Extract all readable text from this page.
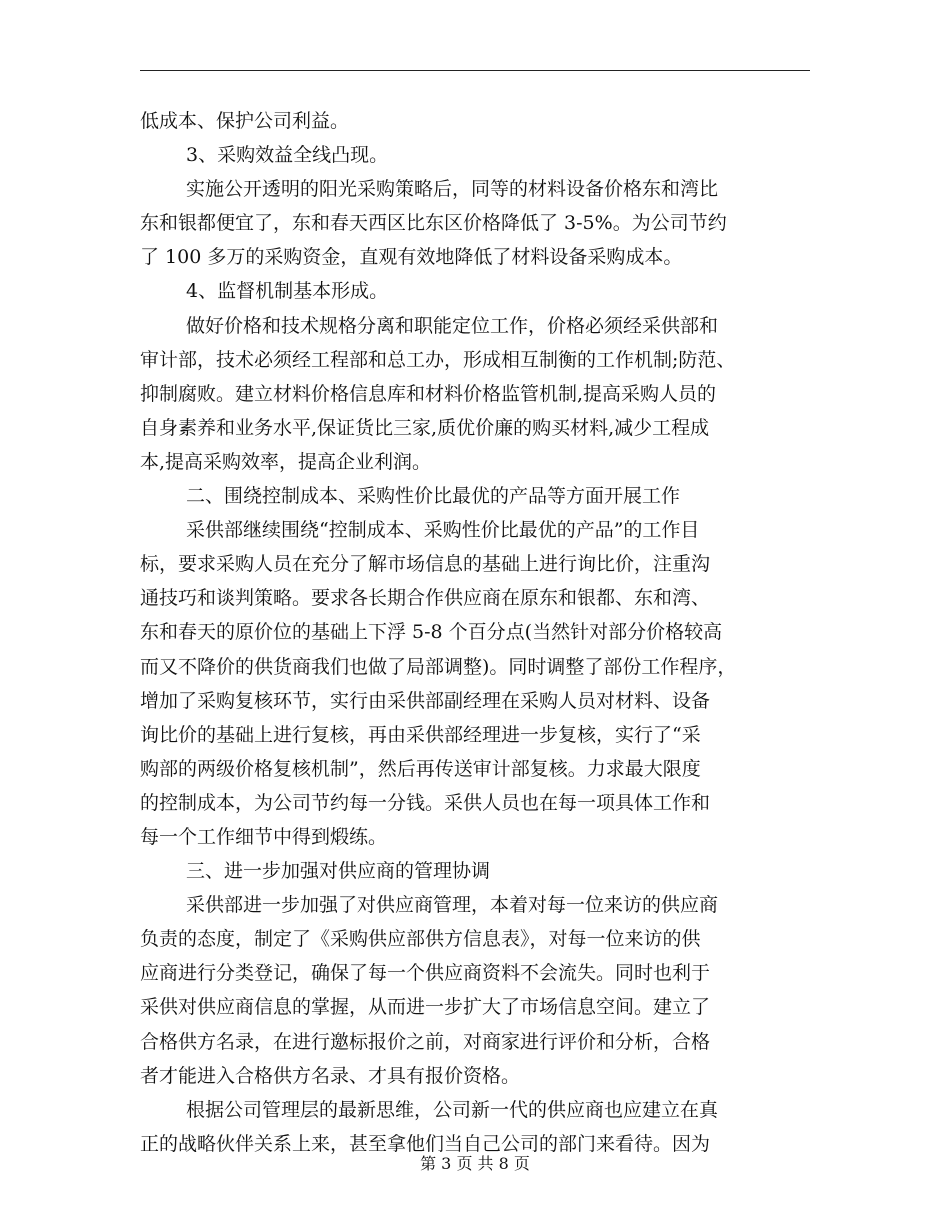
低成本、保护公司利益。
3、采购效益全线凸现。
实施公开透明的阳光采购策略后，同等的材料设备价格东和湾比
东和银都便宜了，东和春天西区比东区价格降低了 3-5%。为公司节约
了 100 多万的采购资金，直观有效地降低了材料设备采购成本。
4、监督机制基本形成。
做好价格和技术规格分离和职能定位工作，价格必须经采供部和
审计部，技术必须经工程部和总工办，形成相互制衡的工作机制;防范、
抑制腐败。建立材料价格信息库和材料价格监管机制,提高采购人员的
自身素养和业务水平,保证货比三家,质优价廉的购买材料,减少工程成
本,提高采购效率，提高企业利润。
二、围绕控制成本、采购性价比最优的产品等方面开展工作
采供部继续围绕“控制成本、采购性价比最优的产品”的工作目
标，要求采购人员在充分了解市场信息的基础上进行询比价，注重沟
通技巧和谈判策略。要求各长期合作供应商在原东和银都、东和湾、
东和春天的原价位的基础上下浮 5-8 个百分点(当然针对部分价格较高
而又不降价的供货商我们也做了局部调整)。同时调整了部份工作程序，
增加了采购复核环节，实行由采供部副经理在采购人员对材料、设备
询比价的基础上进行复核，再由采供部经理进一步复核，实行了“采
购部的两级价格复核机制”，然后再传送审计部复核。力求最大限度
的控制成本，为公司节约每一分钱。采供人员也在每一项具体工作和
每一个工作细节中得到煅练。
三、进一步加强对供应商的管理协调
采供部进一步加强了对供应商管理，本着对每一位来访的供应商
负责的态度，制定了《采购供应部供方信息表》，对每一位来访的供
应商进行分类登记，确保了每一个供应商资料不会流失。同时也利于
采供对供应商信息的掌握，从而进一步扩大了市场信息空间。建立了
合格供方名录，在进行邀标报价之前，对商家进行评价和分析，合格
者才能进入合格供方名录、才具有报价资格。
根据公司管理层的最新思维，公司新一代的供应商也应建立在真
正的战略伙伴关系上来，甚至拿他们当自己公司的部门来看待。因为
第 3 页 共 8 页
